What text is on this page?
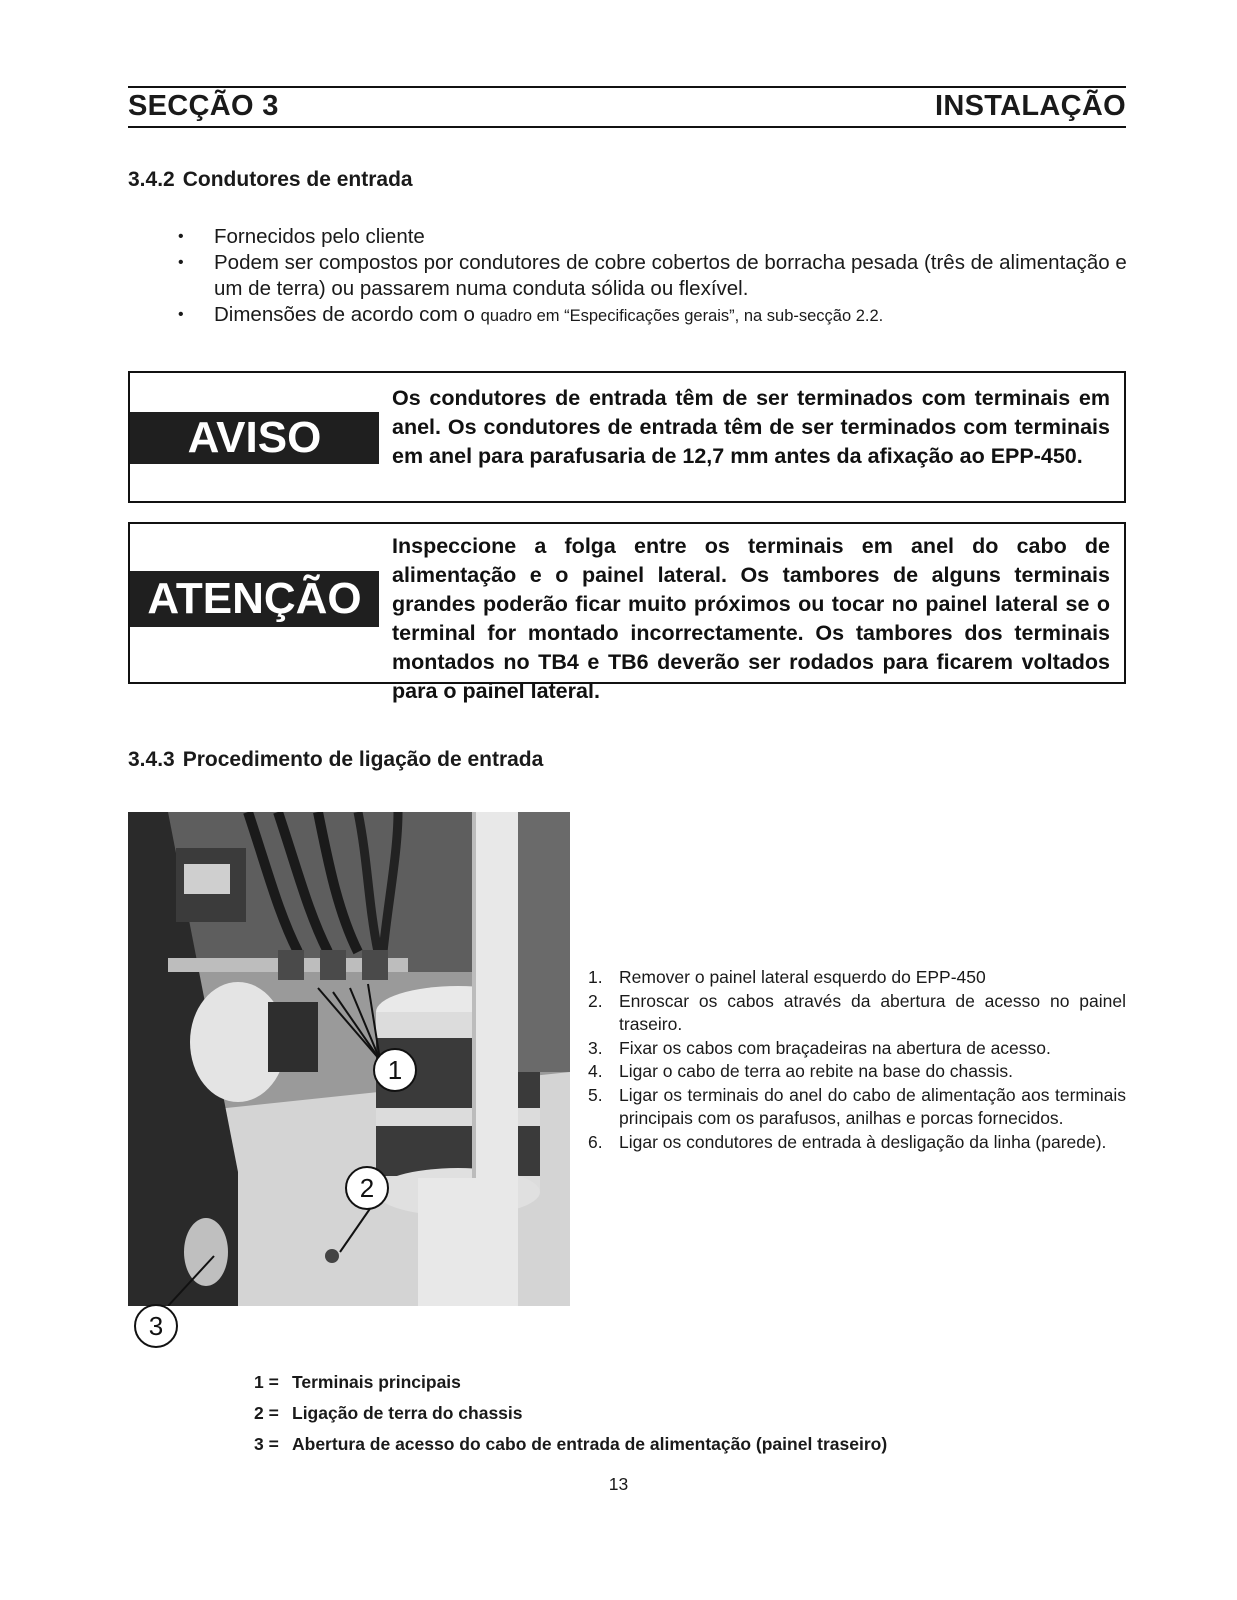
SECÇÃO 3	INSTALAÇÃO
3.4.2 Condutores de entrada
• Fornecidos pelo cliente
• Podem ser compostos por condutores de cobre cobertos de borracha pesada (três de alimentação e um de terra) ou passarem numa conduta sólida ou flexível.
• Dimensões de acordo com o quadro em “Especificações gerais”, na sub-secção 2.2.
AVISO
Os condutores de entrada têm de ser terminados com terminais em anel. Os condutores de entrada têm de ser terminados com terminais em anel para parafusaria de 12,7 mm antes da afixação ao EPP-450.
ATENÇÃO
Inspeccione a folga entre os terminais em anel do cabo de alimentação e o painel lateral. Os tambores de alguns terminais grandes poderão ficar muito próximos ou tocar no painel lateral se o terminal for montado incorrectamente. Os tambores dos terminais montados no TB4 e TB6 deverão ser rodados para ficarem voltados para o painel lateral.
3.4.3 Procedimento de ligação de entrada
1
2
3
1. Remover o painel lateral esquerdo do EPP-450
2. Enroscar os cabos através da abertura de acesso no painel traseiro.
3. Fixar os cabos com braçadeiras na abertura de acesso.
4. Ligar o cabo de terra ao rebite na base do chassis.
5. Ligar os terminais do anel do cabo de alimentação aos terminais principais com os parafusos, anilhas e porcas fornecidos.
6. Ligar os condutores de entrada à desligação da linha (parede).
1 = Terminais principais
2 = Ligação de terra do chassis
3 = Abertura de acesso do cabo de entrada de alimentação (painel traseiro)
13
